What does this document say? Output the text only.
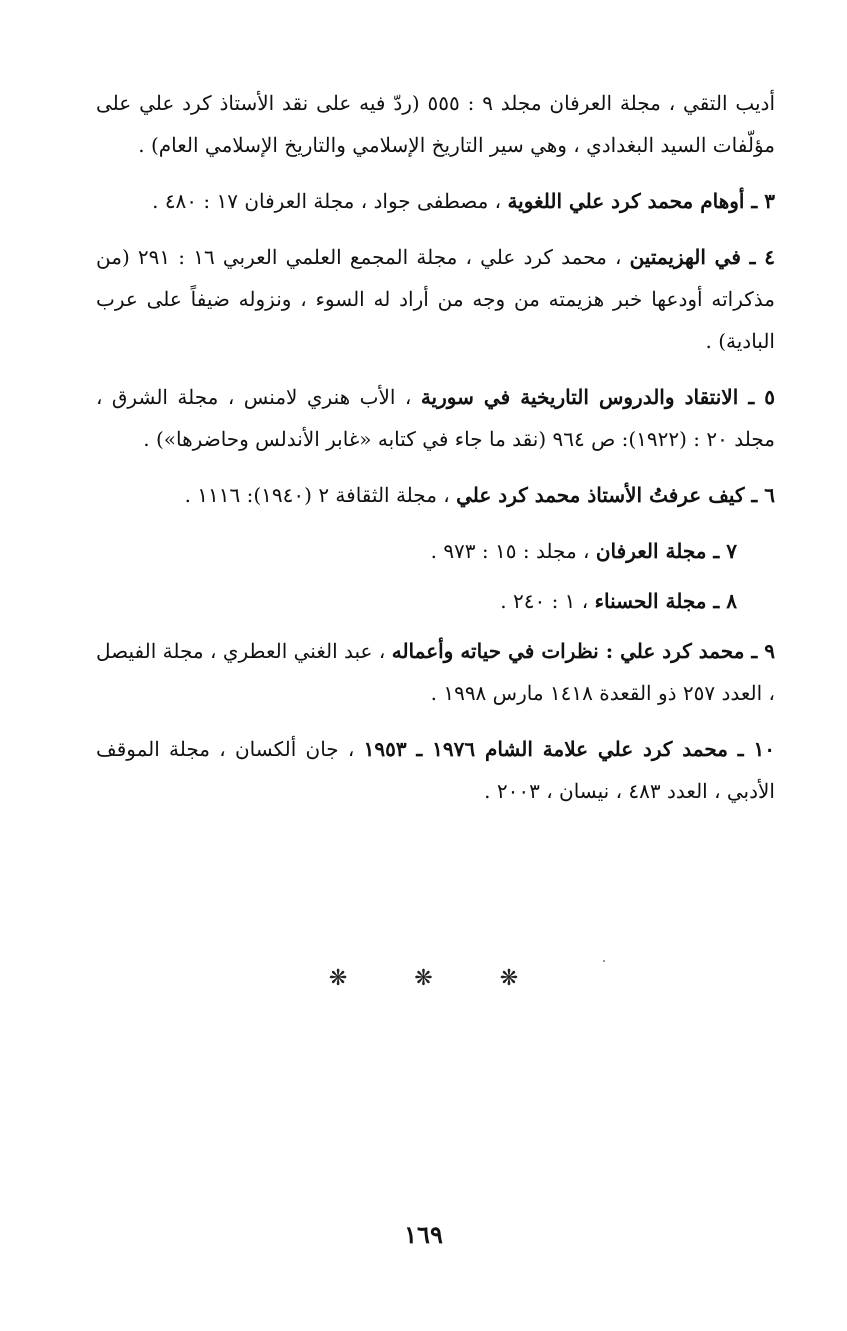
أديب التقي ، مجلة العرفان مجلد ٩ : ٥٥٥ (ردّ فيه على نقد الأستاذ كرد علي على مؤلّفات السيد البغدادي ، وهي سير التاريخ الإسلامي والتاريخ الإسلامي العام) .

٣ ـ أوهام محمد كرد علي اللغوية ، مصطفى جواد ، مجلة العرفان ١٧ : ٤٨٠ .

٤ ـ في الهزيمتين ، محمد كرد علي ، مجلة المجمع العلمي العربي ١٦ : ٢٩١ (من مذكراته أودعها خبر هزيمته من وجه من أراد له السوء ، ونزوله ضيفاً على عرب البادية) .

٥ ـ الانتقاد والدروس التاريخية في سورية ، الأب هنري لامنس ، مجلة الشرق ، مجلد ٢٠ : (١٩٢٢): ص ٩٦٤ (نقد ما جاء في كتابه «غابر الأندلس وحاضرها») .

٦ ـ كيف عرفتُ الأستاذ محمد كرد علي ، مجلة الثقافة ٢ (١٩٤٠): ١١١٦ .

٧ ـ مجلة العرفان ، مجلد : ١٥ : ٩٧٣ .

٨ ـ مجلة الحسناء ، ١ : ٢٤٠ .

٩ ـ محمد كرد علي : نظرات في حياته وأعماله ، عبد الغني العطري ، مجلة الفيصل ، العدد ٢٥٧ ذو القعدة ١٤١٨ مارس ١٩٩٨ .

١٠ ـ محمد كرد علي علامة الشام ١٩٧٦ ـ ١٩٥٣ ، جان ألكسان ، مجلة الموقف الأدبي ، العدد ٤٨٣ ، نيسان ، ٢٠٠٣ .

❋ ❋ ❋
١٦٩
